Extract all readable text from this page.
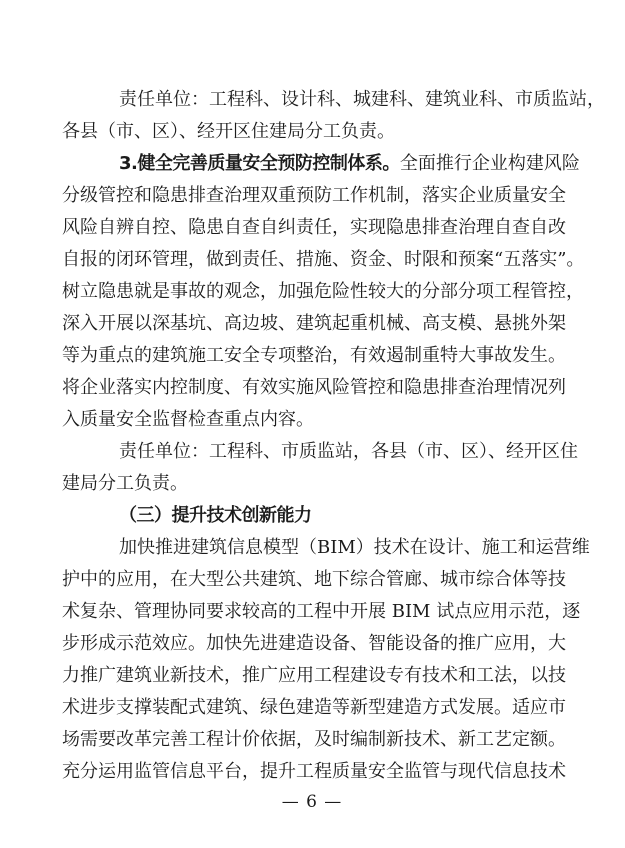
责任单位：工程科、设计科、城建科、建筑业科、市质监站，
各县（市、区）、经开区住建局分工负责。
3.健全完善质量安全预防控制体系。全面推行企业构建风险
分级管控和隐患排查治理双重预防工作机制，落实企业质量安全
风险自辨自控、隐患自查自纠责任，实现隐患排查治理自查自改
自报的闭环管理，做到责任、措施、资金、时限和预案“五落实”。
树立隐患就是事故的观念，加强危险性较大的分部分项工程管控，
深入开展以深基坑、高边坡、建筑起重机械、高支模、悬挑外架
等为重点的建筑施工安全专项整治，有效遏制重特大事故发生。
将企业落实内控制度、有效实施风险管控和隐患排查治理情况列
入质量安全监督检查重点内容。
责任单位：工程科、市质监站，各县（市、区）、经开区住
建局分工负责。
（三）提升技术创新能力
加快推进建筑信息模型（BIM）技术在设计、施工和运营维
护中的应用，在大型公共建筑、地下综合管廊、城市综合体等技
术复杂、管理协同要求较高的工程中开展 BIM 试点应用示范，逐
步形成示范效应。加快先进建造设备、智能设备的推广应用，大
力推广建筑业新技术，推广应用工程建设专有技术和工法，以技
术进步支撑装配式建筑、绿色建造等新型建造方式发展。适应市
场需要改革完善工程计价依据，及时编制新技术、新工艺定额。
充分运用监管信息平台，提升工程质量安全监管与现代信息技术
— 6 —
